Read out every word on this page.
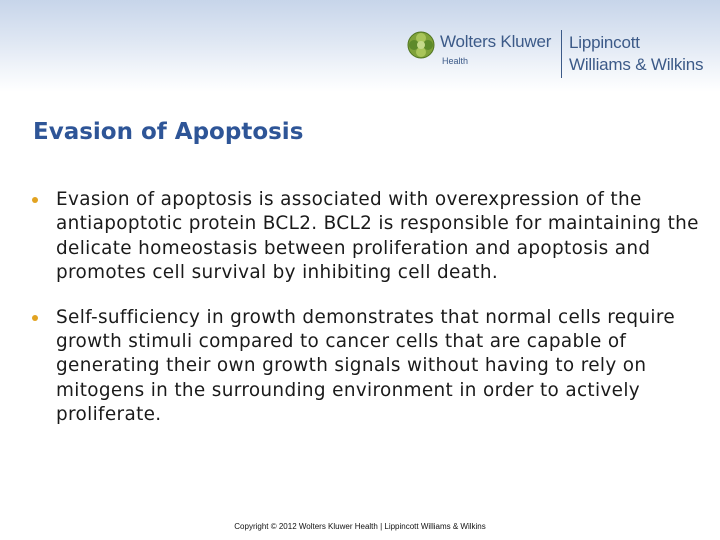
Wolters Kluwer
Health
Lippincott
Williams & Wilkins
Evasion of Apoptosis
Evasion of apoptosis is associated with overexpression of the antiapoptotic protein BCL2. BCL2 is responsible for maintaining the delicate homeostasis between proliferation and apoptosis and promotes cell survival by inhibiting cell death.
Self-sufficiency in growth demonstrates that normal cells require growth stimuli compared to cancer cells that are capable of generating their own growth signals without having to rely on mitogens in the surrounding environment in order to actively proliferate.
Copyright © 2012 Wolters Kluwer Health | Lippincott Williams & Wilkins
